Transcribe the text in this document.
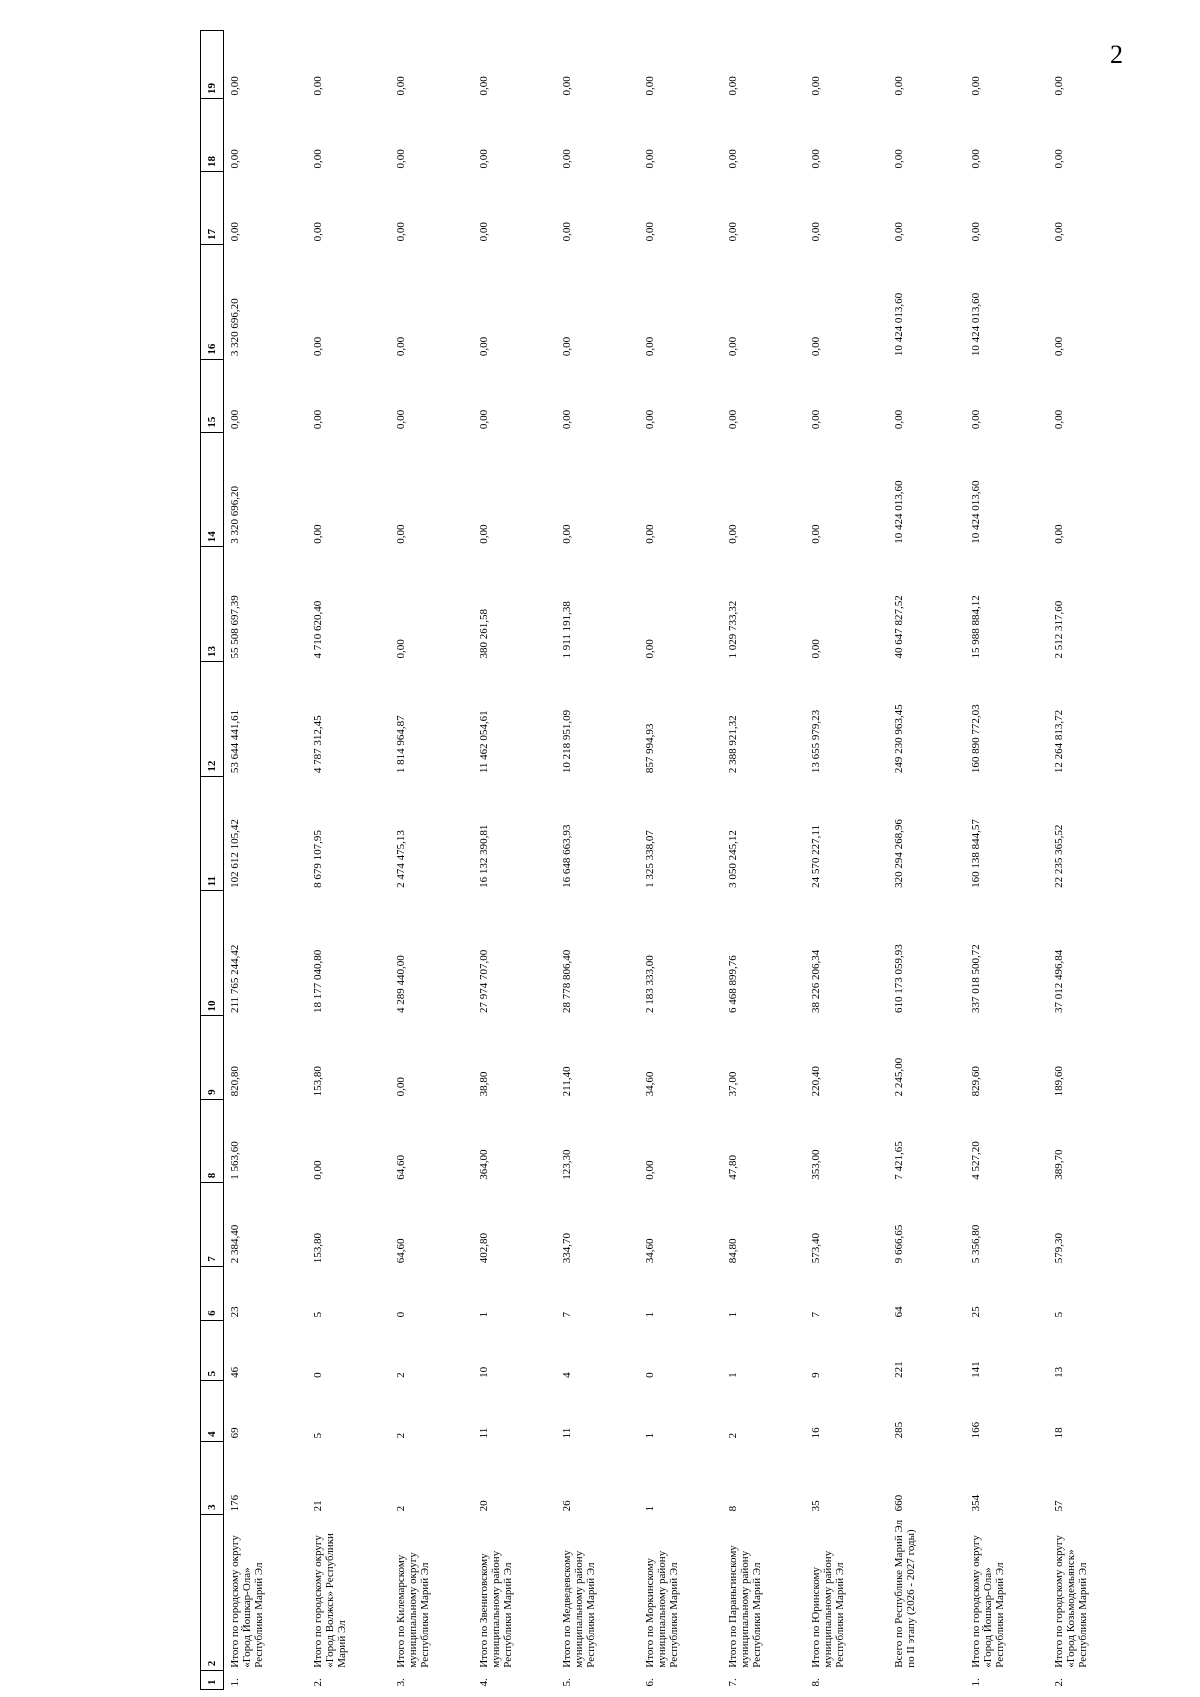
2
1	2	3	4	5	6	7	8	9	10	11	12	13	14	15	16	17	18	19
1.	Итого по городскому округу «Город Йошкар-Ола» Республики Марий Эл	176	69	46	23	2 384,40	1 563,60	820,80	211 765 244,42	102 612 105,42	53 644 441,61	55 508 697,39	3 320 696,20	0,00	3 320 696,20	0,00	0,00	0,00
2.	Итого по городскому округу «Город Волжск» Республики Марий Эл	21	5	0	5	153,80	0,00	153,80	18 177 040,80	8 679 107,95	4 787 312,45	4 710 620,40	0,00	0,00	0,00	0,00	0,00	0,00
3.	Итого по Килемарскому муниципальному округу Республики Марий Эл	2	2	2	0	64,60	64,60	0,00	4 289 440,00	2 474 475,13	1 814 964,87	0,00	0,00	0,00	0,00	0,00	0,00	0,00
4.	Итого по Звениговскому муниципальному району Республики Марий Эл	20	11	10	1	402,80	364,00	38,80	27 974 707,00	16 132 390,81	11 462 054,61	380 261,58	0,00	0,00	0,00	0,00	0,00	0,00
5.	Итого по Медведевскому муниципальному району Республики Марий Эл	26	11	4	7	334,70	123,30	211,40	28 778 806,40	16 648 663,93	10 218 951,09	1 911 191,38	0,00	0,00	0,00	0,00	0,00	0,00
6.	Итого по Моркинскому муниципальному району Республики Марий Эл	1	1	0	1	34,60	0,00	34,60	2 183 333,00	1 325 338,07	857 994,93	0,00	0,00	0,00	0,00	0,00	0,00	0,00
7.	Итого по Параньгинскому муниципальному району Республики Марий Эл	8	2	1	1	84,80	47,80	37,00	6 468 899,76	3 050 245,12	2 388 921,32	1 029 733,32	0,00	0,00	0,00	0,00	0,00	0,00
8.	Итого по Юринскому муниципальному району Республики Марий Эл	35	16	9	7	573,40	353,00	220,40	38 226 206,34	24 570 227,11	13 655 979,23	0,00	0,00	0,00	0,00	0,00	0,00	0,00
	Всего по Республике Марий Эл по II этапу (2026 - 2027 годы)	660	285	221	64	9 666,65	7 421,65	2 245,00	610 173 059,93	320 294 268,96	249 230 963,45	40 647 827,52	10 424 013,60	0,00	10 424 013,60	0,00	0,00	0,00
1.	Итого по городскому округу «Город Йошкар-Ола» Республики Марий Эл	354	166	141	25	5 356,80	4 527,20	829,60	337 018 500,72	160 138 844,57	160 890 772,03	15 988 884,12	10 424 013,60	0,00	10 424 013,60	0,00	0,00	0,00
2.	Итого по городскому округу «Город Козьмодемьянск» Республики Марий Эл	57	18	13	5	579,30	389,70	189,60	37 012 496,84	22 235 365,52	12 264 813,72	2 512 317,60	0,00	0,00	0,00	0,00	0,00	0,00
